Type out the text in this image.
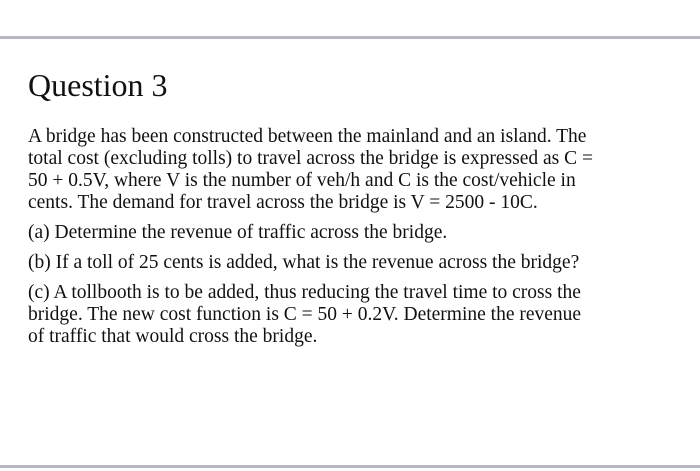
Question 3

A bridge has been constructed between the mainland and an island. The
total cost (excluding tolls) to travel across the bridge is expressed as C =
50 + 0.5V, where V is the number of veh/h and C is the cost/vehicle in
cents. The demand for travel across the bridge is V = 2500 - 10C.

(a) Determine the revenue of traffic across the bridge.

(b) If a toll of 25 cents is added, what is the revenue across the bridge?

(c) A tollbooth is to be added, thus reducing the travel time to cross the
bridge. The new cost function is C = 50 + 0.2V. Determine the revenue
of traffic that would cross the bridge.
